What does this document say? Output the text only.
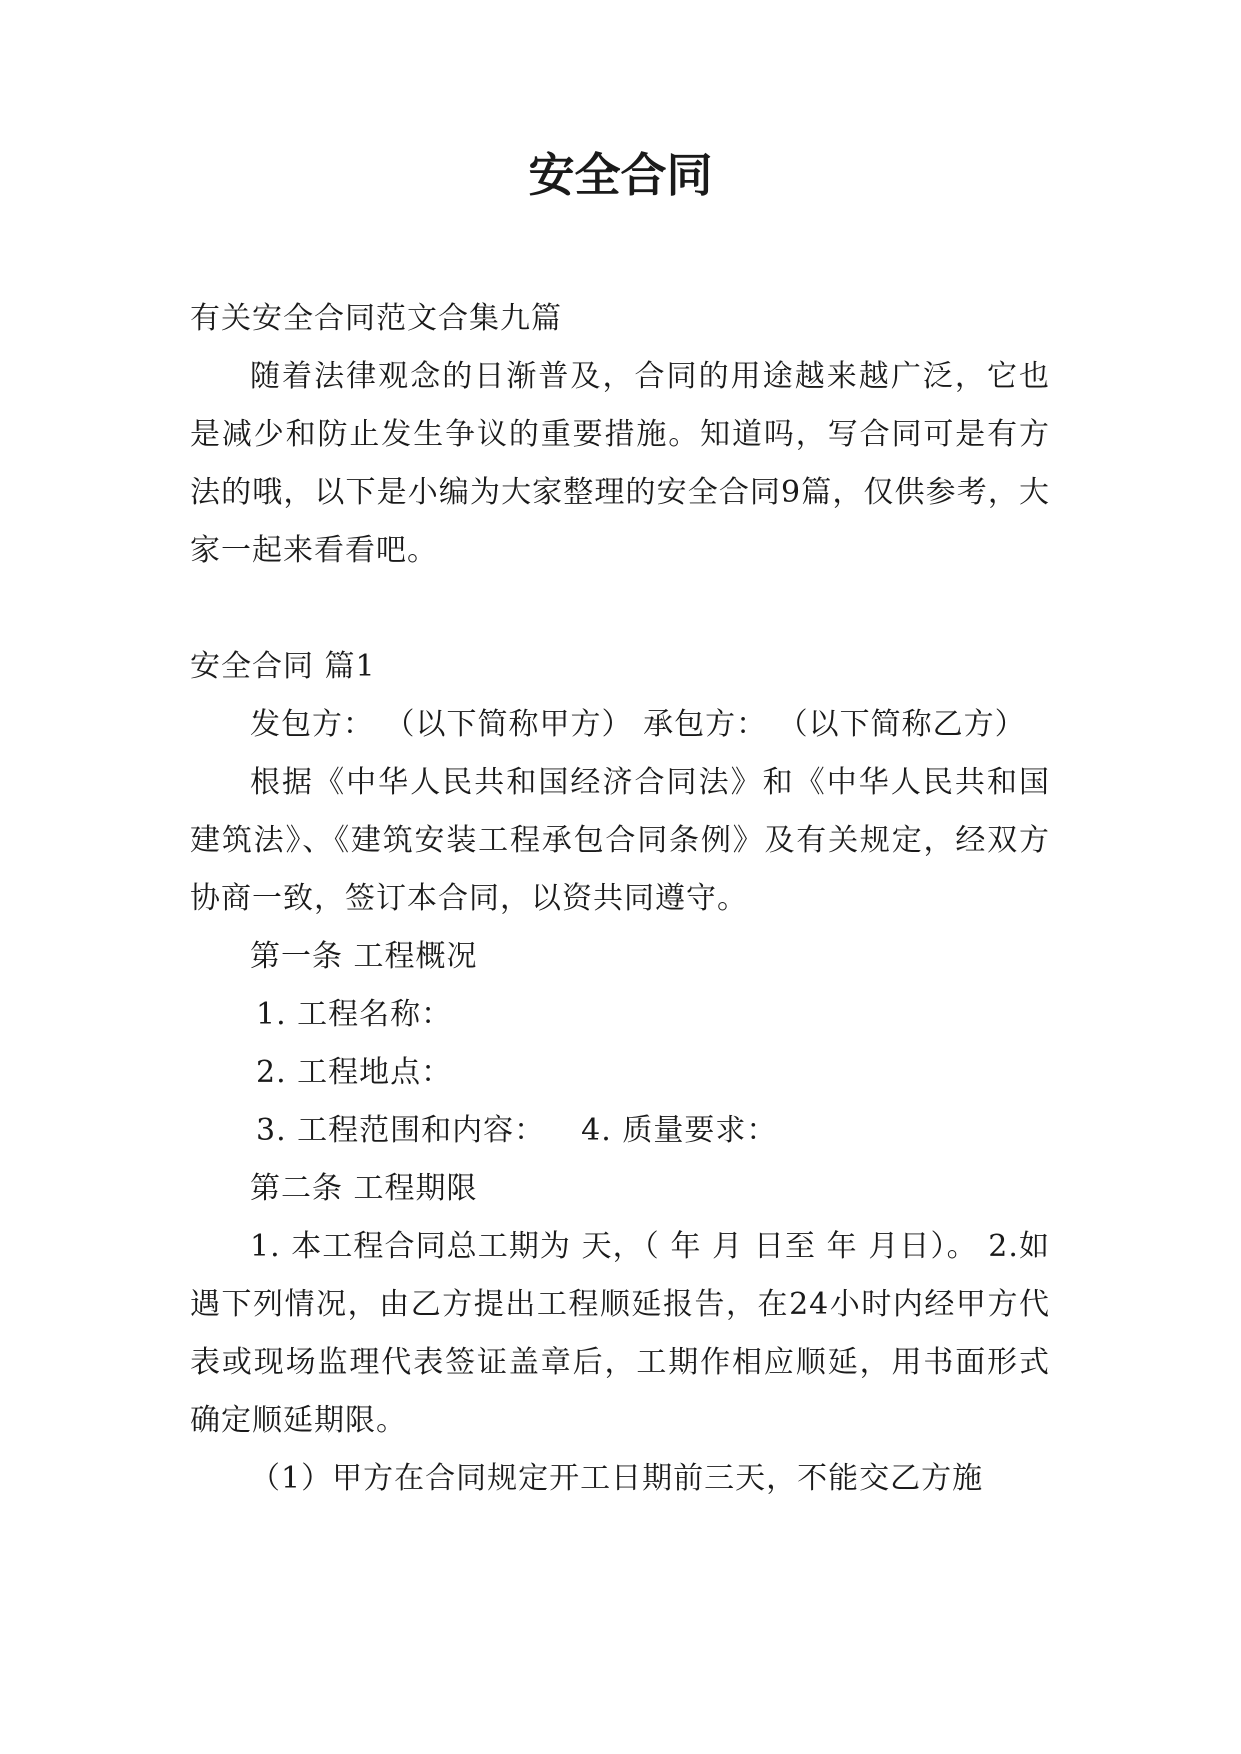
安全合同

有关安全合同范文合集九篇

随着法律观念的日渐普及，合同的用途越来越广泛，它也是减少和防止发生争议的重要措施。知道吗，写合同可是有方法的哦，以下是小编为大家整理的安全合同9篇，仅供参考，大家一起来看看吧。

安全合同 篇1

发包方： （以下简称甲方） 承包方： （以下简称乙方）

根据《中华人民共和国经济合同法》和《中华人民共和国建筑法》、《建筑安装工程承包合同条例》及有关规定，经双方协商一致，签订本合同，以资共同遵守。

第一条 工程概况

1. 工程名称：

2. 工程地点：

3. 工程范围和内容： 4. 质量要求：

第二条 工程期限

1. 本工程合同总工期为 天，（ 年 月 日至 年 月日）。 2.如遇下列情况，由乙方提出工程顺延报告，在24小时内经甲方代表或现场监理代表签证盖章后，工期作相应顺延，用书面形式确定顺延期限。

（1）甲方在合同规定开工日期前三天，不能交乙方施
